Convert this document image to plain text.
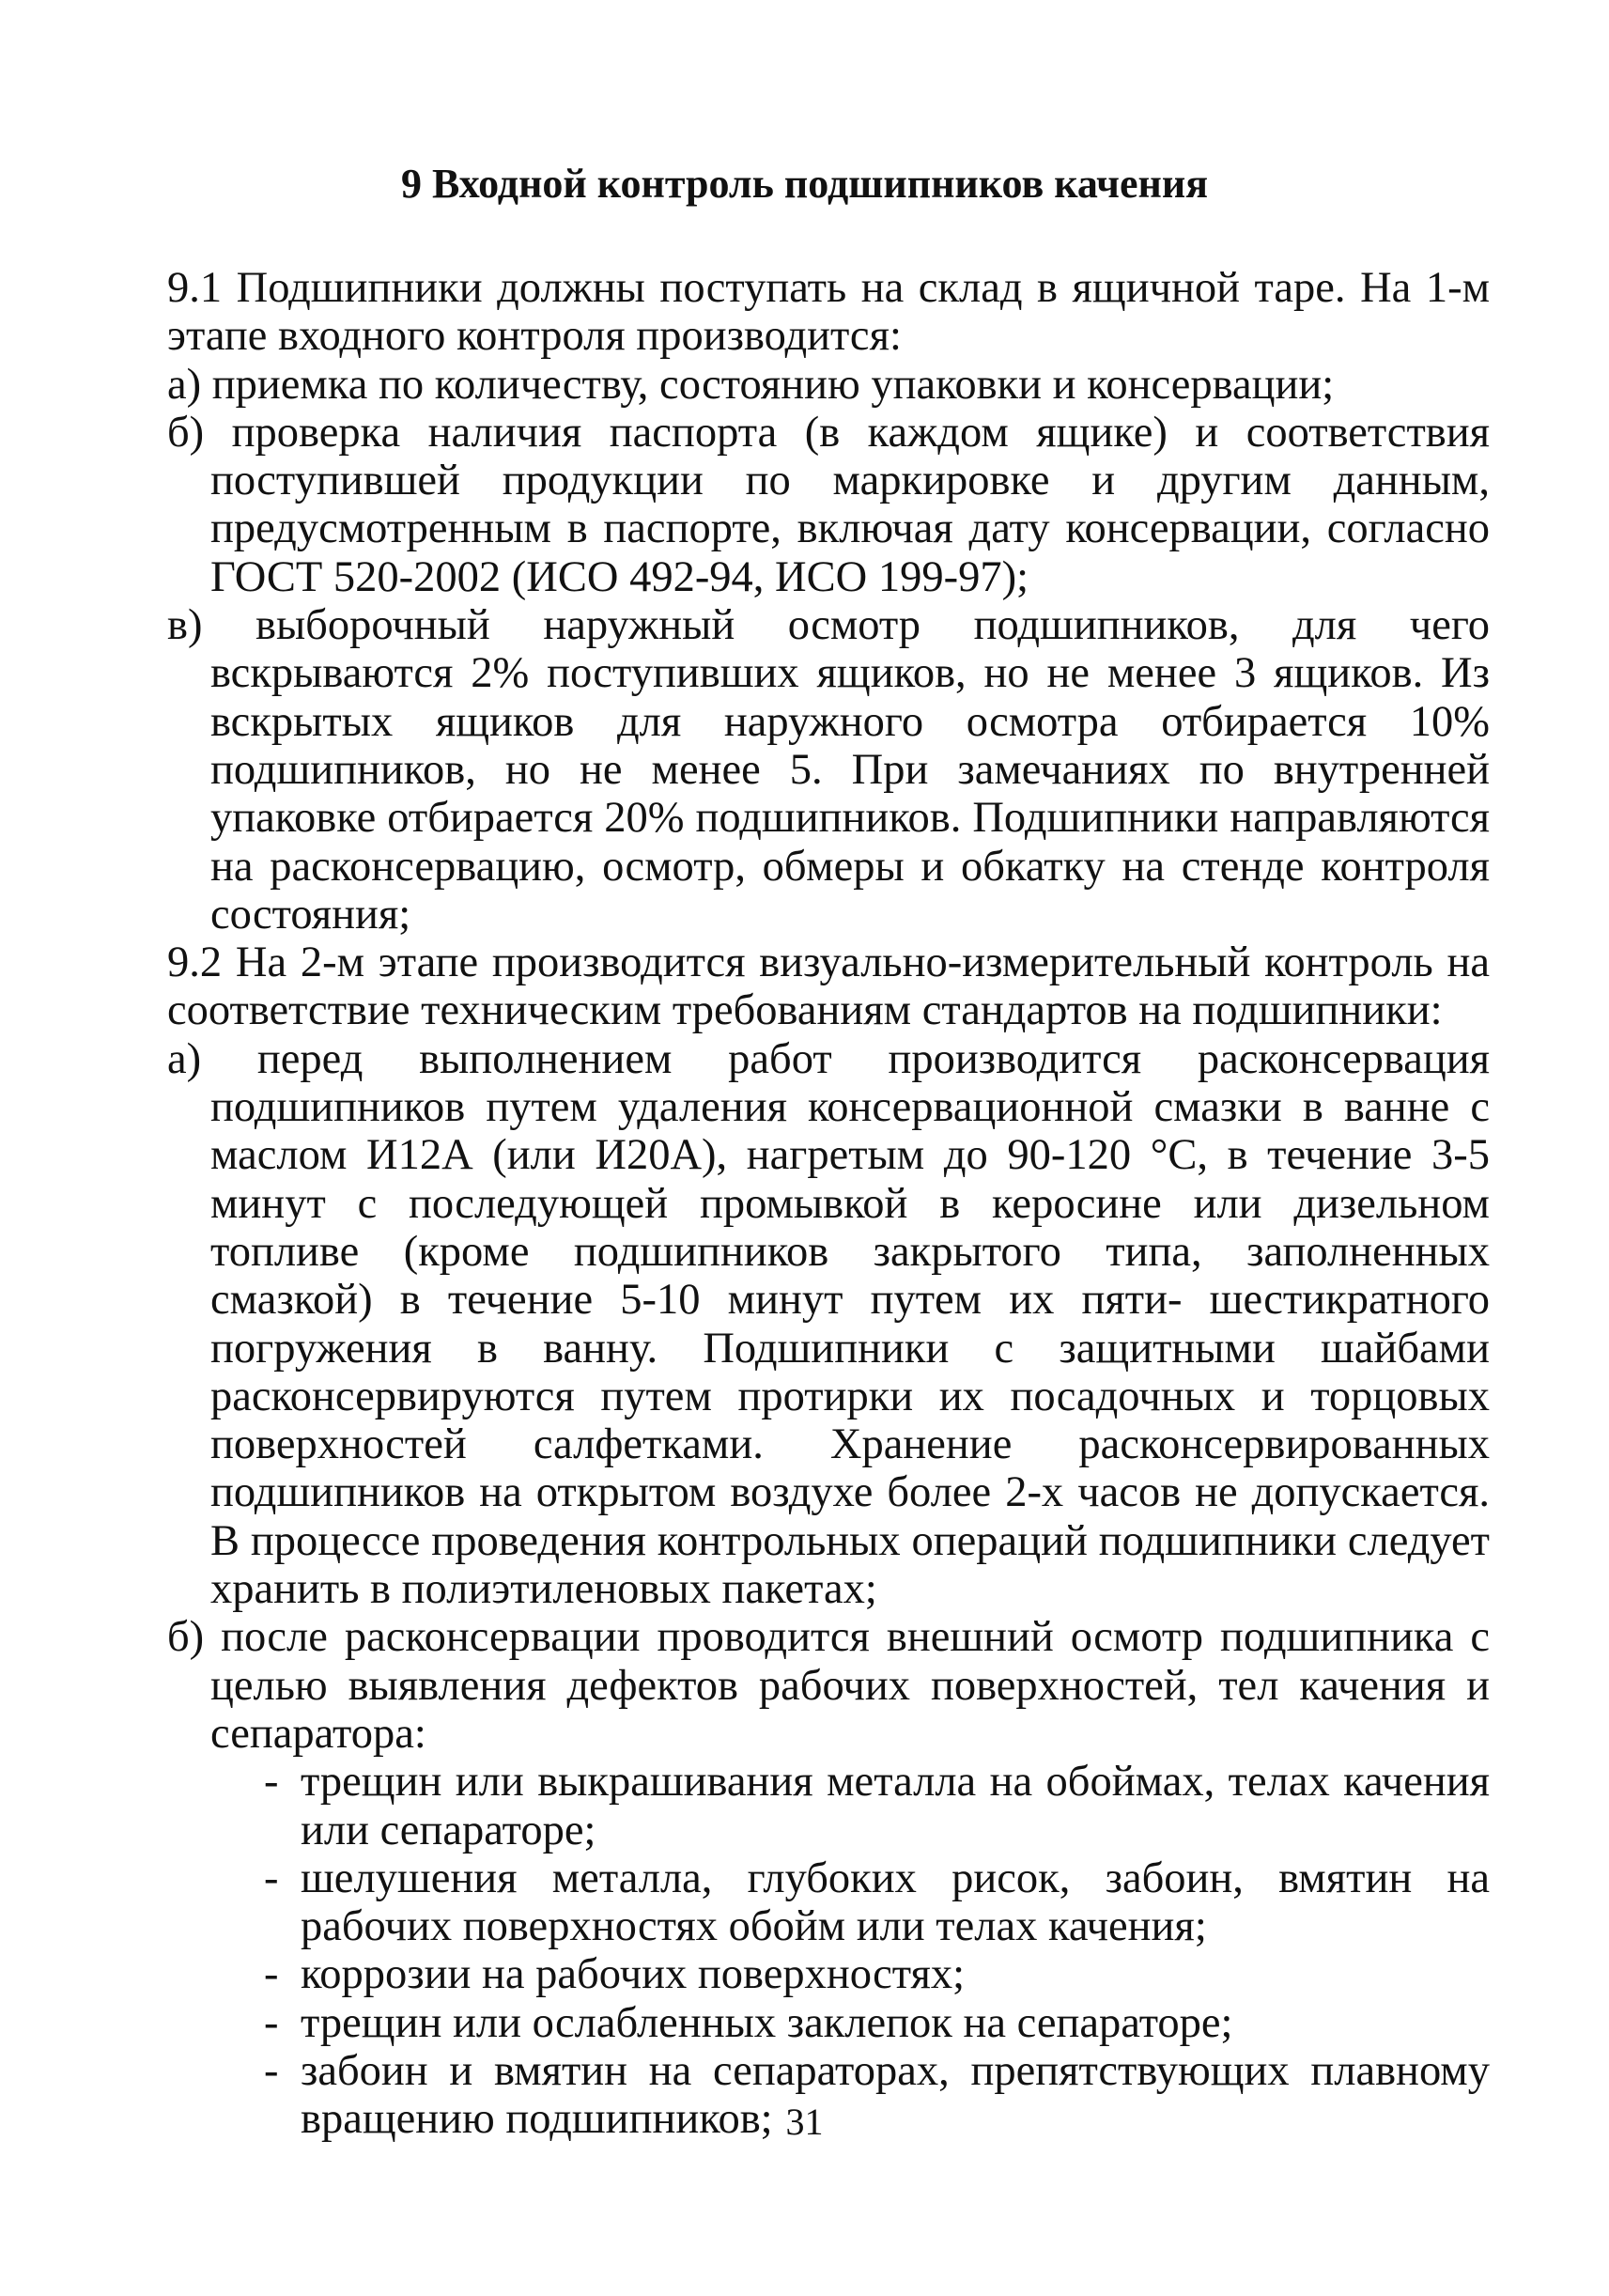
9 Входной контроль подшипников качения

9.1 Подшипники должны поступать на склад в ящичной таре. На 1-м этапе входного контроля производится:

а) приемка по количеству, состоянию упаковки и консервации;

б) проверка наличия паспорта (в каждом ящике) и соответствия поступившей продукции по маркировке и другим данным, предусмотренным в паспорте, включая дату консервации, согласно ГОСТ 520-2002 (ИСО 492-94, ИСО 199-97);

в) выборочный наружный осмотр подшипников, для чего вскрываются 2% поступивших ящиков, но не менее 3 ящиков. Из вскрытых ящиков для наружного осмотра отбирается 10% подшипников, но не менее 5. При замечаниях по внутренней упаковке отбирается 20% подшипников. Подшипники направляются на расконсервацию, осмотр, обмеры и обкатку на стенде контроля состояния;

9.2 На 2-м этапе производится визуально-измерительный контроль на соответствие техническим требованиям стандартов на подшипники:

а) перед выполнением работ производится расконсервация подшипников путем удаления консервационной смазки в ванне с маслом И12А (или И20А), нагретым до 90-120 °С, в течение 3-5 минут с последующей промывкой в керосине или дизельном топливе (кроме подшипников закрытого типа, заполненных смазкой) в течение 5-10 минут путем их пяти- шестикратного погружения в ванну. Подшипники с защитными шайбами расконсервируются путем протирки их посадочных и торцовых поверхностей салфетками. Хранение расконсервированных подшипников на открытом воздухе более 2-х часов не допускается. В процессе проведения контрольных операций подшипники следует хранить в полиэтиленовых пакетах;

б) после расконсервации проводится внешний осмотр подшипника с целью выявления дефектов рабочих поверхностей, тел качения и сепаратора:

- трещин или выкрашивания металла на обоймах, телах качения или сепараторе;

- шелушения металла, глубоких рисок, забоин, вмятин на рабочих поверхностях обойм или телах качения;

- коррозии на рабочих поверхностях;

- трещин или ослабленных заклепок на сепараторе;

- забоин и вмятин на сепараторах, препятствующих плавному вращению подшипников; 31
